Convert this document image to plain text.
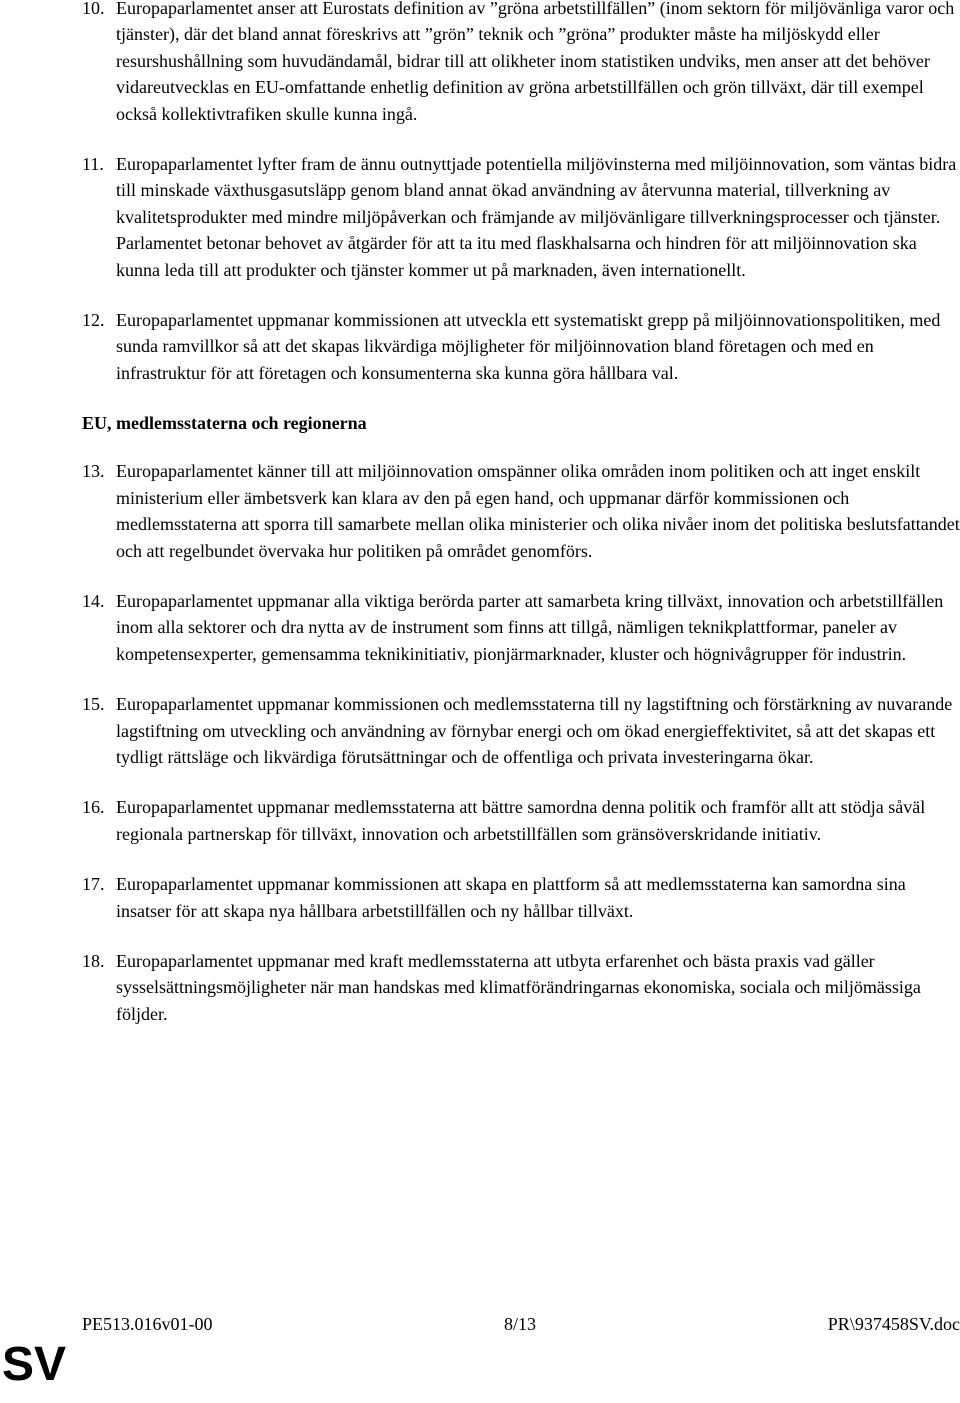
10. Europaparlamentet anser att Eurostats definition av ”gröna arbetstillfällen” (inom sektorn för miljövänliga varor och tjänster), där det bland annat föreskrivs att ”grön” teknik och ”gröna” produkter måste ha miljöskydd eller resurshushållning som huvudändamål, bidrar till att olikheter inom statistiken undviks, men anser att det behöver vidareutvecklas en EU-omfattande enhetlig definition av gröna arbetstillfällen och grön tillväxt, där till exempel också kollektivtrafiken skulle kunna ingå.
11. Europaparlamentet lyfter fram de ännu outnyttjade potentiella miljövinsterna med miljöinnovation, som väntas bidra till minskade växthusgasutsläpp genom bland annat ökad användning av återvunna material, tillverkning av kvalitetsprodukter med mindre miljöpåverkan och främjande av miljövänligare tillverkningsprocesser och tjänster. Parlamentet betonar behovet av åtgärder för att ta itu med flaskhalsarna och hindren för att miljöinnovation ska kunna leda till att produkter och tjänster kommer ut på marknaden, även internationellt.
12. Europaparlamentet uppmanar kommissionen att utveckla ett systematiskt grepp på miljöinnovationspolitiken, med sunda ramvillkor så att det skapas likvärdiga möjligheter för miljöinnovation bland företagen och med en infrastruktur för att företagen och konsumenterna ska kunna göra hållbara val.
EU, medlemsstaterna och regionerna
13. Europaparlamentet känner till att miljöinnovation omspänner olika områden inom politiken och att inget enskilt ministerium eller ämbetsverk kan klara av den på egen hand, och uppmanar därför kommissionen och medlemsstaterna att sporra till samarbete mellan olika ministerier och olika nivåer inom det politiska beslutsfattandet och att regelbundet övervaka hur politiken på området genomförs.
14. Europaparlamentet uppmanar alla viktiga berörda parter att samarbeta kring tillväxt, innovation och arbetstillfällen inom alla sektorer och dra nytta av de instrument som finns att tillgå, nämligen teknikplattformar, paneler av kompetensexperter, gemensamma teknikinitiativ, pionjärmarknader, kluster och högnivågrupper för industrin.
15. Europaparlamentet uppmanar kommissionen och medlemsstaterna till ny lagstiftning och förstärkning av nuvarande lagstiftning om utveckling och användning av förnybar energi och om ökad energieffektivitet, så att det skapas ett tydligt rättsläge och likvärdiga förutsättningar och de offentliga och privata investeringarna ökar.
16. Europaparlamentet uppmanar medlemsstaterna att bättre samordna denna politik och framför allt att stödja såväl regionala partnerskap för tillväxt, innovation och arbetstillfällen som gränsöverskridande initiativ.
17. Europaparlamentet uppmanar kommissionen att skapa en plattform så att medlemsstaterna kan samordna sina insatser för att skapa nya hållbara arbetstillfällen och ny hållbar tillväxt.
18. Europaparlamentet uppmanar med kraft medlemsstaterna att utbyta erfarenhet och bästa praxis vad gäller sysselsättningsmöjligheter när man handskas med klimatförändringarnas ekonomiska, sociala och miljömässiga följder.
PE513.016v01-00	8/13	PR\937458SV.doc
SV
